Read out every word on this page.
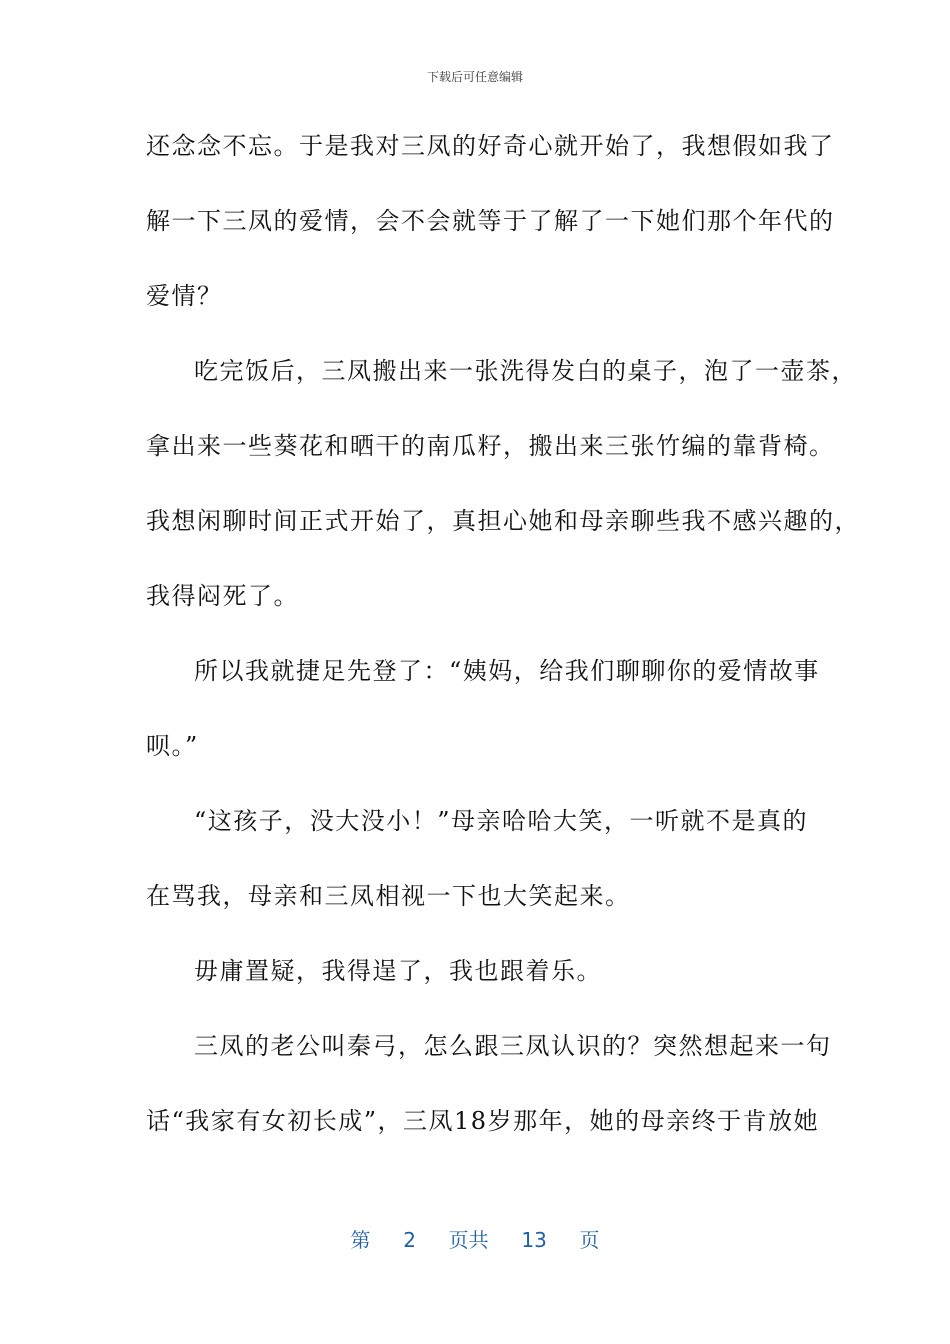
下载后可任意编辑
还念念不忘。于是我对三凤的好奇心就开始了，我想假如我了
解一下三凤的爱情，会不会就等于了解了一下她们那个年代的
爱情？
吃完饭后，三凤搬出来一张洗得发白的桌子，泡了一壶茶，
拿出来一些葵花和晒干的南瓜籽，搬出来三张竹编的靠背椅。
我想闲聊时间正式开始了，真担心她和母亲聊些我不感兴趣的，
我得闷死了。
所以我就捷足先登了：“姨妈，给我们聊聊你的爱情故事
呗。”
“这孩子，没大没小！”母亲哈哈大笑，一听就不是真的
在骂我，母亲和三凤相视一下也大笑起来。
毋庸置疑，我得逞了，我也跟着乐。
三凤的老公叫秦弓，怎么跟三凤认识的？突然想起来一句
话“我家有女初长成”，三凤18岁那年，她的母亲终于肯放她
第 2 页共 13 页
